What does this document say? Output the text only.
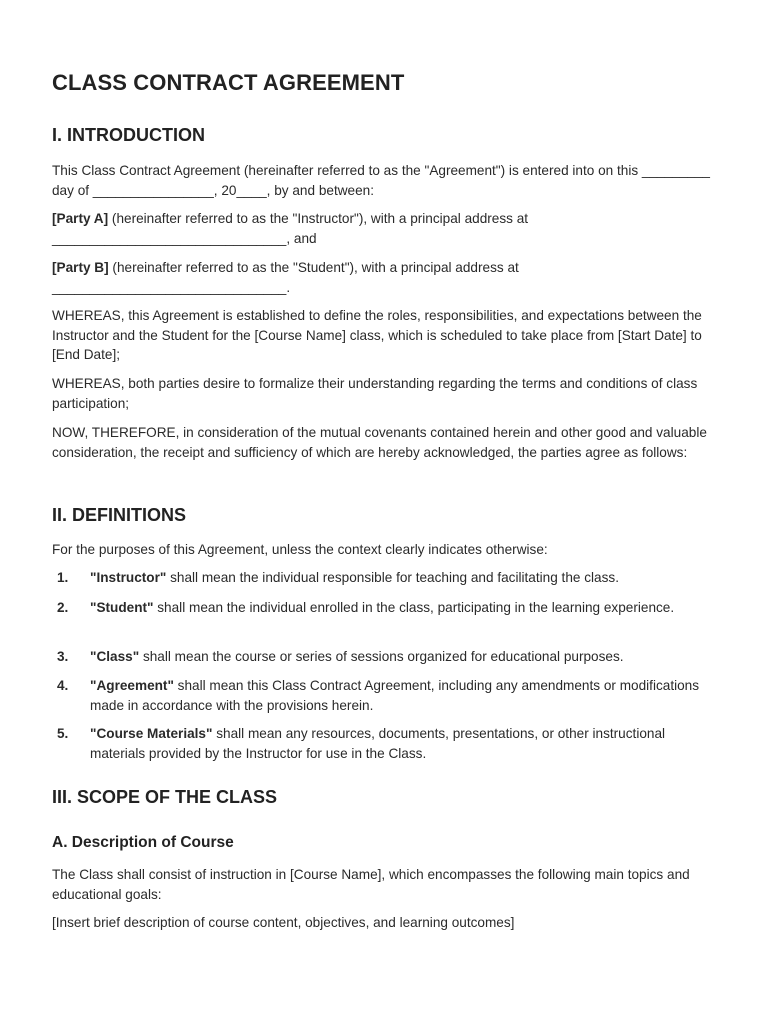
CLASS CONTRACT AGREEMENT
I. INTRODUCTION

This Class Contract Agreement (hereinafter referred to as the "Agreement") is entered into on this _________ day of ________________, 20____, by and between:

[Party A] (hereinafter referred to as the "Instructor"), with a principal address at _______________________________, and

[Party B] (hereinafter referred to as the "Student"), with a principal address at _______________________________.

WHEREAS, this Agreement is established to define the roles, responsibilities, and expectations between the Instructor and the Student for the [Course Name] class, which is scheduled to take place from [Start Date] to [End Date];

WHEREAS, both parties desire to formalize their understanding regarding the terms and conditions of class participation;

NOW, THEREFORE, in consideration of the mutual covenants contained herein and other good and valuable consideration, the receipt and sufficiency of which are hereby acknowledged, the parties agree as follows:

II. DEFINITIONS

For the purposes of this Agreement, unless the context clearly indicates otherwise:

1. "Instructor" shall mean the individual responsible for teaching and facilitating the class.
2. "Student" shall mean the individual enrolled in the class, participating in the learning experience.
3. "Class" shall mean the course or series of sessions organized for educational purposes.
4. "Agreement" shall mean this Class Contract Agreement, including any amendments or modifications made in accordance with the provisions herein.
5. "Course Materials" shall mean any resources, documents, presentations, or other instructional materials provided by the Instructor for use in the Class.
III. SCOPE OF THE CLASS
A. Description of Course

The Class shall consist of instruction in [Course Name], which encompasses the following main topics and educational goals:

[Insert brief description of course content, objectives, and learning outcomes]
